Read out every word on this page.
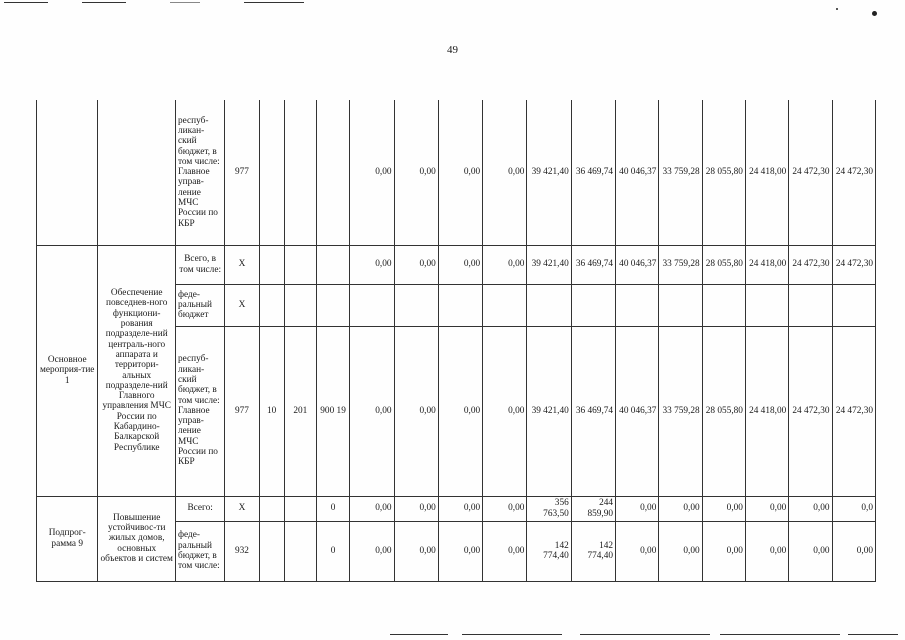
49
		респуб-ликан-ский бюджет, в том числе: Главное управ-ление МЧС России по КБР	977				0,00	0,00	0,00	0,00	39 421,40	36 469,74	40 046,37	33 759,28	28 055,80	24 418,00	24 472,30	24 472,30
Основное мероприя-тие 1	Обеспечение повседнев-ного функциони-рования подразделе-ний централь-ного аппарата и территори-альных подразделе-ний Главного управления МЧС России по Кабардино-Балкарской Республике	Всего, в том числе:	X				0,00	0,00	0,00	0,00	39 421,40	36 469,74	40 046,37	33 759,28	28 055,80	24 418,00	24 472,30	24 472,30
		феде-ральный бюджет	X															
		респуб-ликан-ский бюджет, в том числе: Главное управ-ление МЧС России по КБР	977	10	201	900 19	0,00	0,00	0,00	0,00	39 421,40	36 469,74	40 046,37	33 759,28	28 055,80	24 418,00	24 472,30	24 472,30
Подпрог-рамма 9	Повышение устойчивос-ти жилых домов, основных объектов и систем	Всего:	X			0	0,00	0,00	0,00	0,00	356 763,50	244 859,90	0,00	0,00	0,00	0,00	0,00	0,0
		феде-ральный бюджет, в том числе:	932			0	0,00	0,00	0,00	0,00	142 774,40	142 774,40	0,00	0,00	0,00	0,00	0,00	0,00
